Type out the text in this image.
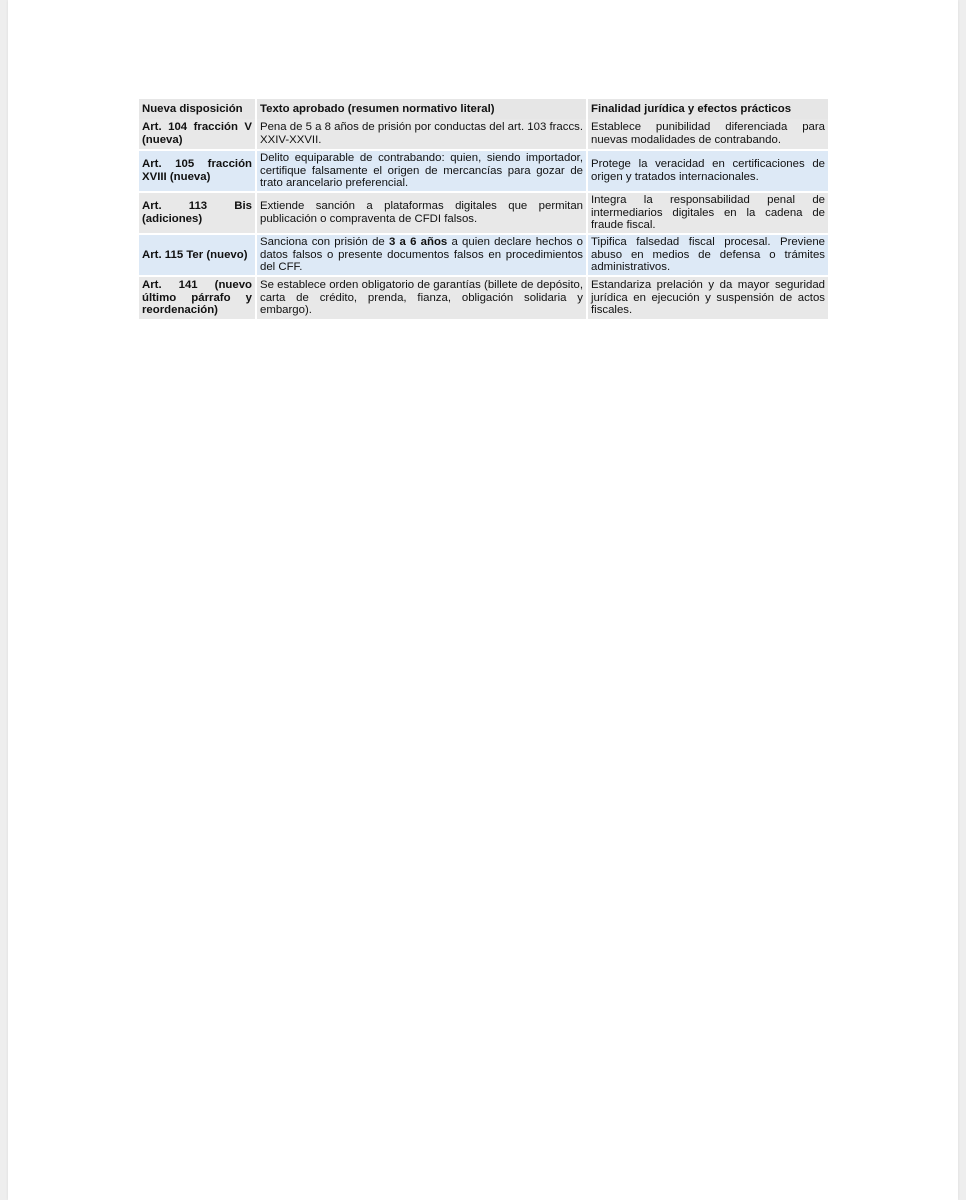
Nueva disposición	Texto aprobado (resumen normativo literal)	Finalidad jurídica y efectos prácticos
Art. 104 fracción V (nueva)	Pena de 5 a 8 años de prisión por conductas del art. 103 fraccs. XXIV-XXVII.	Establece punibilidad diferenciada para nuevas modalidades de contrabando.
Art. 105 fracción XVIII (nueva)	Delito equiparable de contrabando: quien, siendo importador, certifique falsamente el origen de mercancías para gozar de trato arancelario preferencial.	Protege la veracidad en certificaciones de origen y tratados internacionales.
Art. 113 Bis (adiciones)	Extiende sanción a plataformas digitales que permitan publicación o compraventa de CFDI falsos.	Integra la responsabilidad penal de intermediarios digitales en la cadena de fraude fiscal.
Art. 115 Ter (nuevo)	Sanciona con prisión de 3 a 6 años a quien declare hechos o datos falsos o presente documentos falsos en procedimientos del CFF.	Tipifica falsedad fiscal procesal. Previene abuso en medios de defensa o trámites administrativos.
Art. 141 (nuevo último párrafo y reordenación)	Se establece orden obligatorio de garantías (billete de depósito, carta de crédito, prenda, fianza, obligación solidaria y embargo).	Estandariza prelación y da mayor seguridad jurídica en ejecución y suspensión de actos fiscales.
